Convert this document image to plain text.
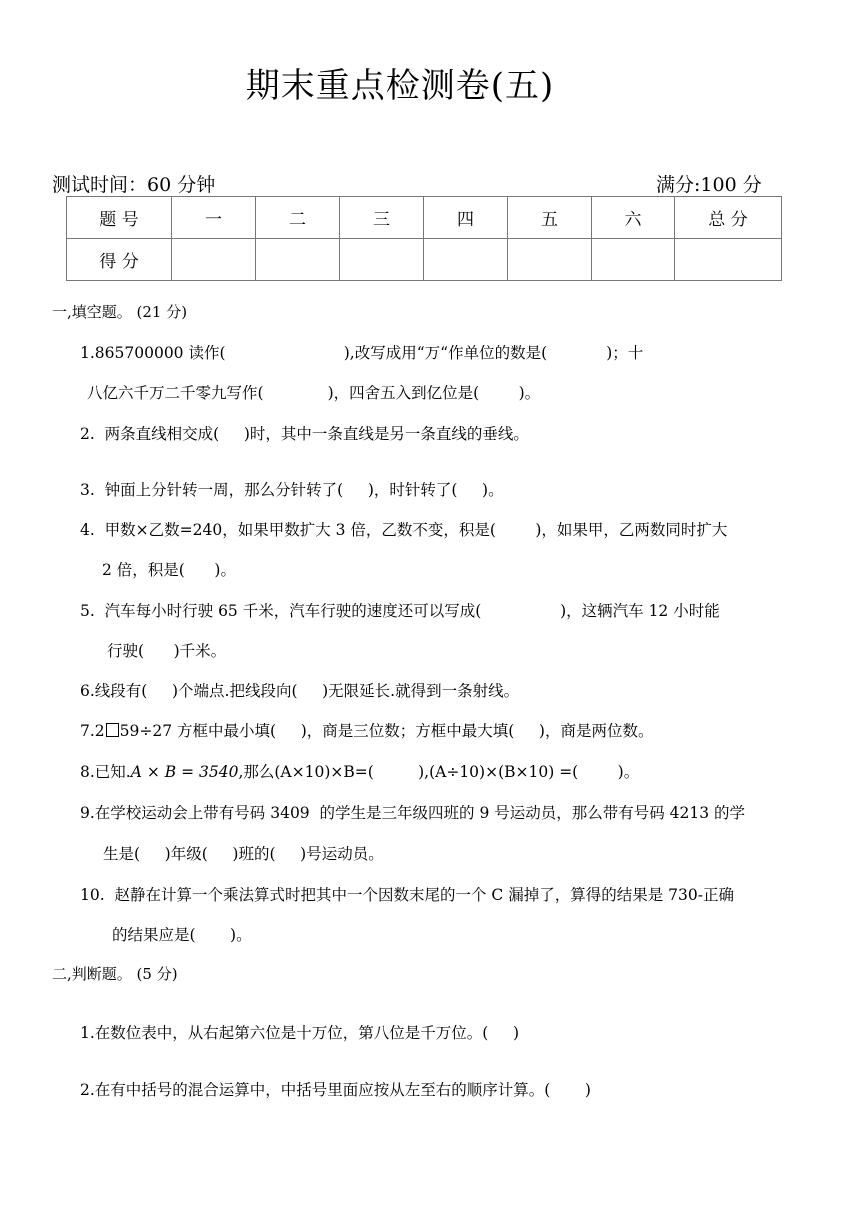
期末重点检测卷(五)
测试时间：60 分钟	满分:100 分
题 号	一	二	三	四	五	六	总 分
得 分							
一,填空题。 (21 分)
1.865700000 读作(                        ),改写成用“万“作单位的数是(            )；十
八亿六千万二千零九写作(             )，四舍五入到亿位是(        )。
2.  两条直线相交成(     )时，其中一条直线是另一条直线的垂线。
3.  钟面上分针转一周，那么分针转了(     )，时针转了(     )。
4.  甲数×乙数=240，如果甲数扩大 3 倍，乙数不变，积是(        )，如果甲，乙两数同时扩大
2 倍，积是(      )。
5.  汽车每小时行驶 65 千米，汽车行驶的速度还可以写成(                )，这辆汽车 12 小时能
行驶(      )千米。
6.线段有(     )个端点.把线段向(     )无限延长.就得到一条射线。
7.2 59÷27 方框中最小填(     )，商是三位数；方框中最大填(     )，商是两位数。
8.已知.A × B = 3540,那么(A×10)×B=(         ),(A÷10)×(B×10) =(        )。
9.在学校运动会上带有号码 3409  的学生是三年级四班的 9 号运动员，那么带有号码 4213 的学
生是(     )年级(     )班的(     )号运动员。
10.  赵静在计算一个乘法算式时把其中一个因数末尾的一个 C 漏掉了，算得的结果是 730-正确
的结果应是(       )。
二,判断题。 (5 分)
1.在数位表中，从右起第六位是十万位，第八位是千万位。(     )
2.在有中括号的混合运算中，中括号里面应按从左至右的顺序计算。(       )
